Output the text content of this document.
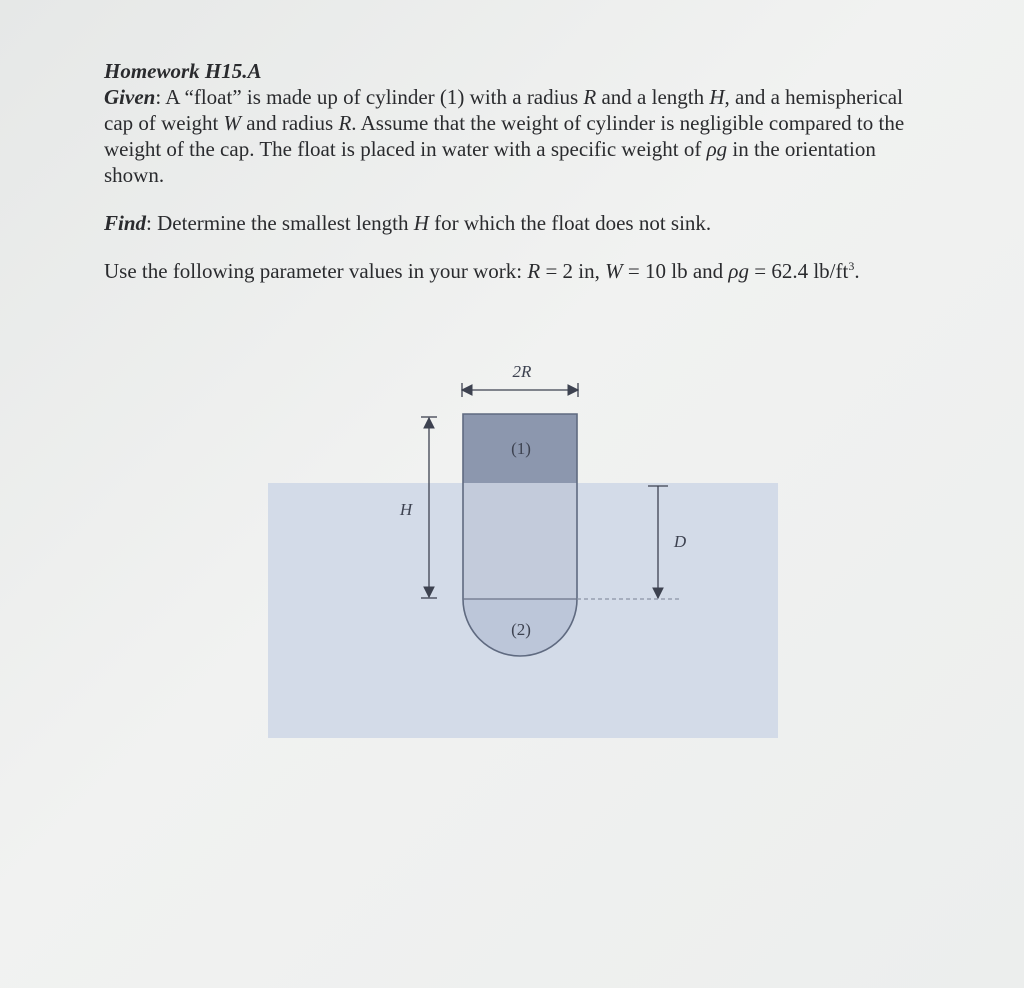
Homework H15.A

Given: A “float” is made up of cylinder (1) with a radius R and a length H, and a hemispherical cap of weight W and radius R. Assume that the weight of cylinder is negligible compared to the weight of the cap. The float is placed in water with a specific weight of ρg in the orientation shown.

Find: Determine the smallest length H for which the float does not sink.

Use the following parameter values in your work: R = 2 in, W = 10 lb and ρg = 62.4 $lb/ft^3$.

2R
H
(1)
(2)
D
